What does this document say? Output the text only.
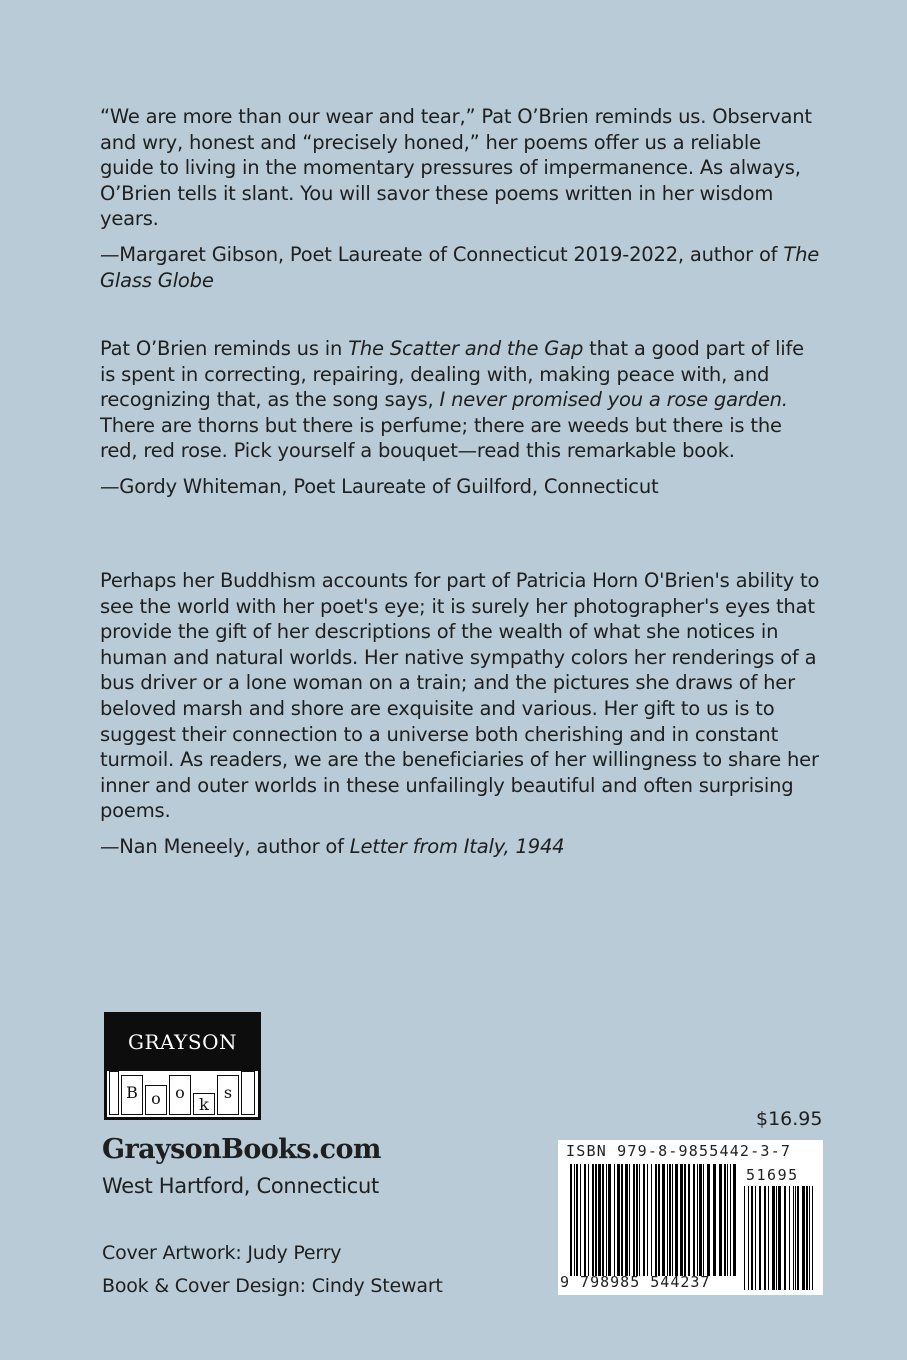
“We are more than our wear and tear,” Pat O’Brien reminds us. Observant and wry, honest and “precisely honed,” her poems offer us a reliable guide to living in the momentary pressures of impermanence. As always, O’Brien tells it slant. You will savor these poems written in her wisdom years.

—Margaret Gibson, Poet Laureate of Connecticut 2019-2022, author of The Glass Globe

Pat O’Brien reminds us in The Scatter and the Gap that a good part of life is spent in correcting, repairing, dealing with, making peace with, and recognizing that, as the song says, I never promised you a rose garden. There are thorns but there is perfume; there are weeds but there is the red, red rose. Pick yourself a bouquet—read this remarkable book.

—Gordy Whiteman, Poet Laureate of Guilford, Connecticut

Perhaps her Buddhism accounts for part of Patricia Horn O'Brien's ability to see the world with her poet's eye; it is surely her photographer's eyes that provide the gift of her descriptions of the wealth of what she notices in human and natural worlds. Her native sympathy colors her renderings of a bus driver or a lone woman on a train; and the pictures she draws of her beloved marsh and shore are exquisite and various. Her gift to us is to suggest their connection to a universe both cherishing and in constant turmoil. As readers, we are the beneficiaries of her willingness to share her inner and outer worlds in these unfailingly beautiful and often surprising poems.

—Nan Meneely, author of Letter from Italy, 1944

GRAYSON
B o o
k
s
GraysonBooks.com
West Hartford, Connecticut
Cover Artwork: Judy Perry
Book & Cover Design: Cindy Stewart
$16.95
ISBN 979-8-9855442-3-7
51695
9 798985 544237
